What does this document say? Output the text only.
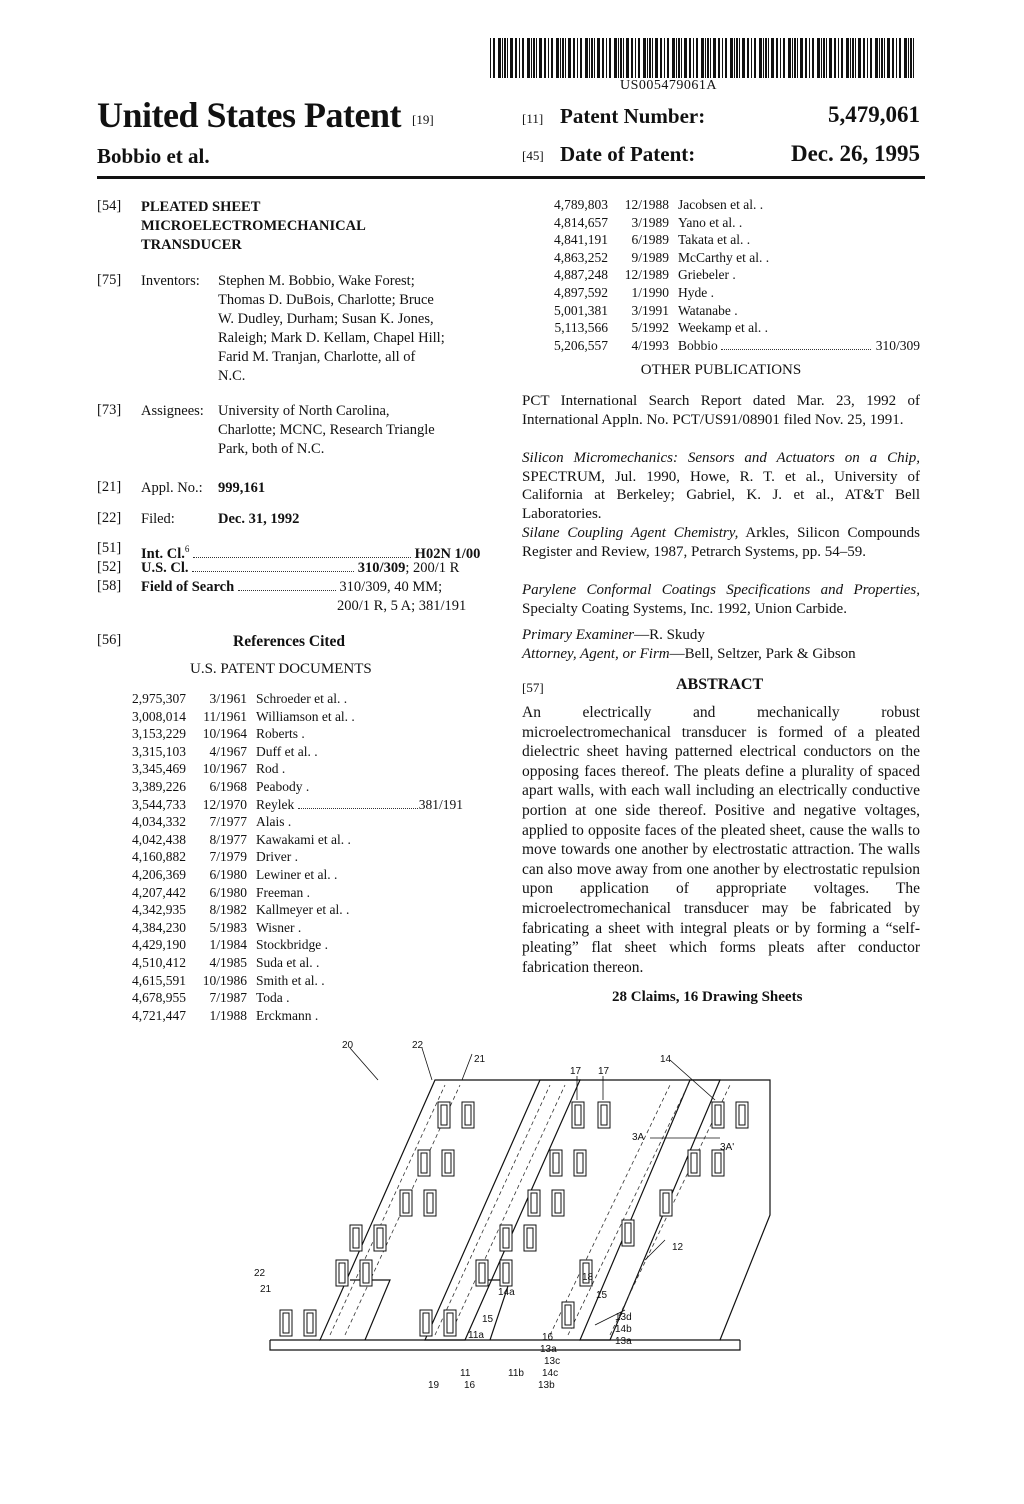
US005479061A
United States Patent [19]
Bobbio et al.
[11] Patent Number:	5,479,061
[45] Date of Patent:	Dec. 26, 1995
[54] PLEATED SHEET
MICROELECTROMECHANICAL
TRANSDUCER
[75] Inventors: Stephen M. Bobbio, Wake Forest;
Thomas D. DuBois, Charlotte; Bruce
W. Dudley, Durham; Susan K. Jones,
Raleigh; Mark D. Kellam, Chapel Hill;
Farid M. Tranjan, Charlotte, all of
N.C.
[73] Assignees: University of North Carolina,
Charlotte; MCNC, Research Triangle
Park, both of N.C.
[21] Appl. No.: 999,161
[22] Filed:	Dec. 31, 1992
[51] Int. Cl.$^6$	H02N 1/00
[52] U.S. Cl.	310/309; 200/1 R
[58] Field of Search	310/309, 40 MM;
200/1 R, 5 A; 381/191
[56]	References Cited
U.S. PATENT DOCUMENTS
2,975,307	3/1961 Schroeder et al. .
3,008,014	11/1961 Williamson et al. .
3,153,229	10/1964 Roberts .
3,315,103	4/1967 Duff et al. .
3,345,469	10/1967 Rod .
3,389,226	6/1968 Peabody .
3,544,733	12/1970 Reylek	381/191
4,034,332	7/1977 Alais .
4,042,438	8/1977 Kawakami et al. .
4,160,882	7/1979 Driver .
4,206,369	6/1980 Lewiner et al. .
4,207,442	6/1980 Freeman .
4,342,935	8/1982 Kallmeyer et al. .
4,384,230	5/1983 Wisner .
4,429,190	1/1984 Stockbridge .
4,510,412	4/1985 Suda et al. .
4,615,591	10/1986 Smith et al. .
4,678,955	7/1987 Toda .
4,721,447	1/1988 Erckmann .
4,789,803	12/1988 Jacobsen et al. .
4,814,657	3/1989 Yano et al. .
4,841,191	6/1989 Takata et al. .
4,863,252	9/1989 McCarthy et al. .
4,887,248	12/1989 Griebeler .
4,897,592	1/1990 Hyde .
5,001,381	3/1991 Watanabe .
5,113,566	5/1992 Weekamp et al. .
5,206,557	4/1993 Bobbio	310/309
OTHER PUBLICATIONS
PCT International Search Report dated Mar. 23, 1992 of International Appln. No. PCT/US91/08901 filed Nov. 25, 1991.
Silicon Micromechanics: Sensors and Actuators on a Chip, SPECTRUM, Jul. 1990, Howe, R. T. et al., University of California at Berkeley; Gabriel, K. J. et al., AT&T Bell Laboratories.
Silane Coupling Agent Chemistry, Arkles, Silicon Compounds Register and Review, 1987, Petrarch Systems, pp. 54–59.
Parylene Conformal Coatings Specifications and Properties, Specialty Coating Systems, Inc. 1992, Union Carbide.
Primary Examiner—R. Skudy
Attorney, Agent, or Firm—Bell, Seltzer, Park & Gibson
[57]	ABSTRACT
An electrically and mechanically robust microelectromechanical transducer is formed of a pleated dielectric sheet having patterned electrical conductors on the opposing faces thereof. The pleats define a plurality of spaced apart walls, with each wall including an electrically conductive portion at one side thereof. Positive and negative voltages, applied to opposite faces of the pleated sheet, cause the walls to move towards one another by electrostatic attraction. The walls can also move away from one another by electrostatic repulsion upon application of appropriate voltages. The microelectromechanical transducer may be fabricated by fabricating a sheet with integral pleats or by forming a “self-pleating” flat sheet which forms pleats after conductor fabrication thereon.
28 Claims, 16 Drawing Sheets
20	22
21
17 17
14
3A
3A'
12
22
21
18
15
14a
13d
14b
13a
15
11a	16
13a
13c
11	11b 14c
19 16	13b
